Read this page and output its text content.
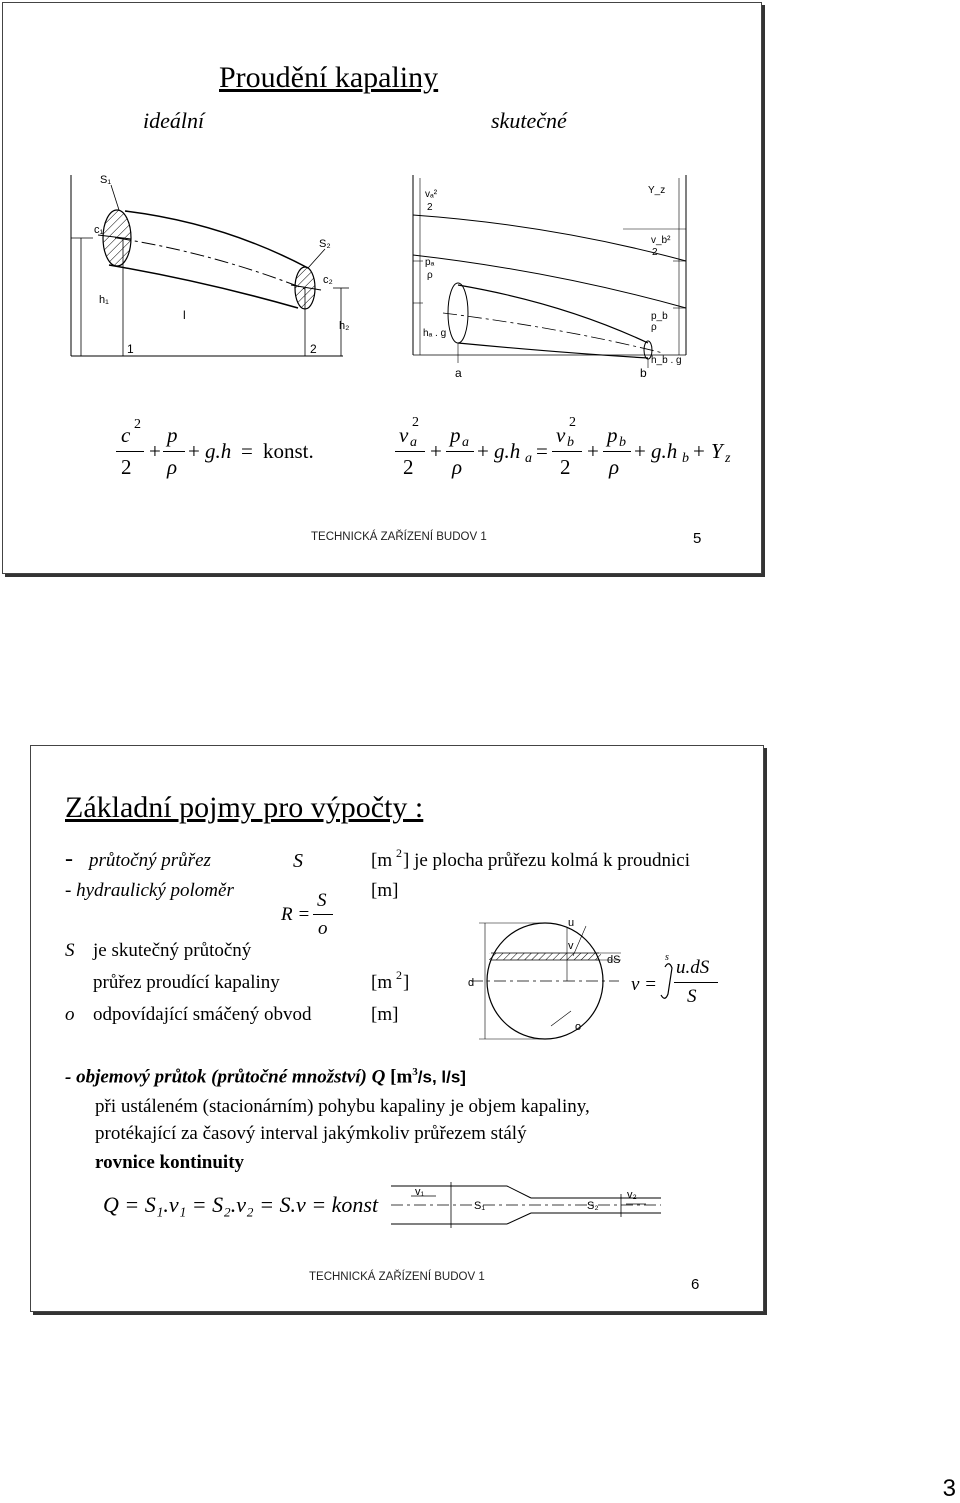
Proudění kapaliny
ideální	skutečné
S₁
c₁
S₂
c₂
h₁
l
h₂
1	2
vₐ²
2
pₐ
ρ
hₐ . g
Y_z
v_b²
2
p_b
ρ
h_b . g
a	b
c 2
2
+
p
ρ
+ g.h = konst.
v a
2
2
+
p a
ρ
+ g.h a =
v b
2
2
+
p b
ρ
+ g.h b + Y z
TECHNICKÁ ZAŘÍZENÍ BUDOV 1	5
Základní pojmy pro výpočty :
- průtočný průřez	S	[m 2 ] je plocha průřezu kolmá k proudnici
- hydraulický poloměr	[m]
R =
S
o
S je skutečný průtočný
průřez proudící kapaliny	[m 2 ]
o odpovídající smáčený obvod	[m]
u
v
dS
d
o
v =
s u.dS
S
- objemový průtok (průtočné množství) Q [$m^3/s$, l/s]
při ustáleném (stacionárním) pohybu kapaliny je objem kapaliny,
protékající za časový interval jakýmkoliv průřezem stálý
rovnice kontinuity
Q = S₁.v₁ = S₂.v₂ = S.v = konst	v₁
S₁	S₂
v₂
TECHNICKÁ ZAŘÍZENÍ BUDOV 1	6
3
